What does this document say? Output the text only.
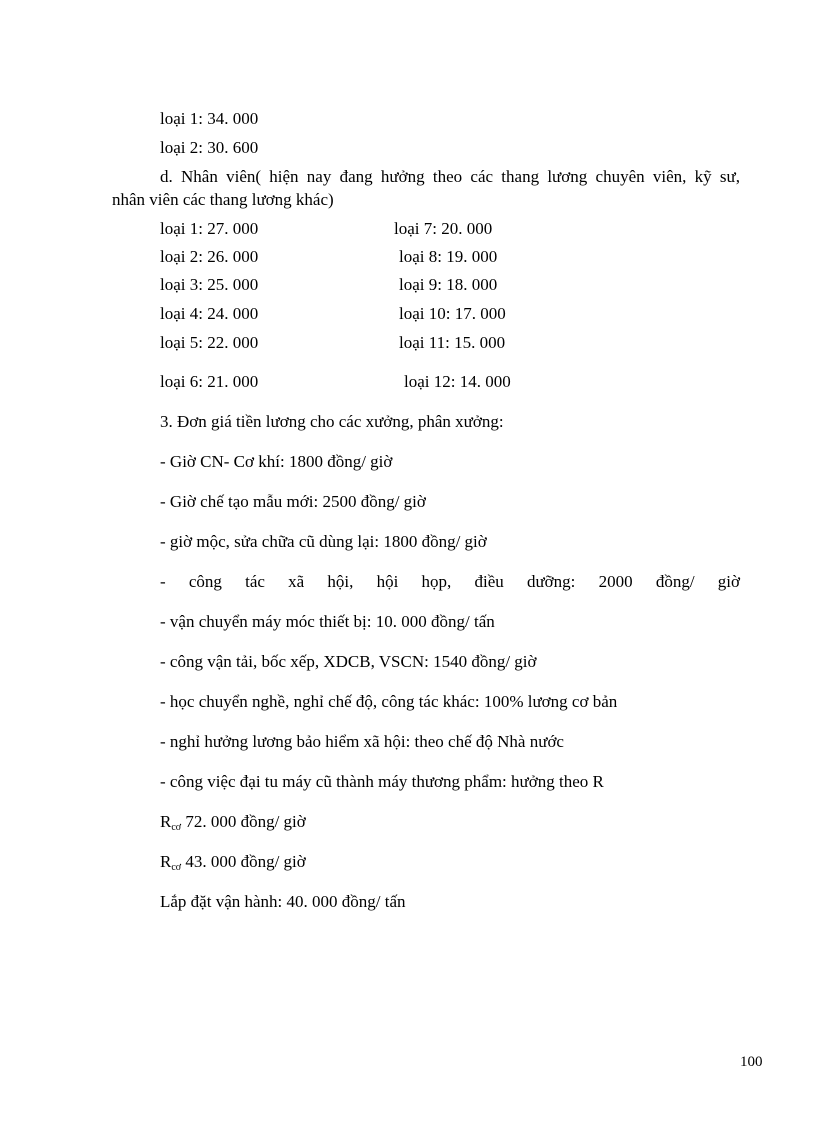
loại 1: 34. 000
loại 2: 30. 600
d. Nhân viên( hiện nay đang hưởng theo các thang lương chuyên viên, kỹ sư,
nhân viên các thang lương khác)
loại 1: 27. 000	loại 7: 20. 000
loại 2: 26. 000	loại 8: 19. 000
loại 3: 25. 000	loại 9: 18. 000
loại 4: 24. 000	loại 10: 17. 000
loại 5: 22. 000	loại 11: 15. 000
loại 6: 21. 000	loại 12: 14. 000
3. Đơn giá tiền lương cho các xưởng, phân xưởng:
- Giờ CN- Cơ khí: 1800 đồng/ giờ
- Giờ chế tạo mẫu mới: 2500 đồng/ giờ
- giờ mộc, sửa chữa cũ dùng lại: 1800 đồng/ giờ
- công tác xã hội, hội họp, điều dưỡng: 2000 đồng/ giờ
- vận chuyển máy móc thiết bị: 10. 000 đồng/ tấn
- công vận tải, bốc xếp, XDCB, VSCN: 1540 đồng/ giờ
- học chuyển nghề, nghỉ chế độ, công tác khác: 100% lương cơ bản
- nghỉ hưởng lương bảo hiểm xã hội: theo chế độ Nhà nước
- công việc đại tu máy cũ thành máy thương phẩm: hưởng theo R
$R_{cơ}$ 72. 000 đồng/ giờ
$R_{cơ}$ 43. 000 đồng/ giờ
Lắp đặt vận hành: 40. 000 đồng/ tấn
100
